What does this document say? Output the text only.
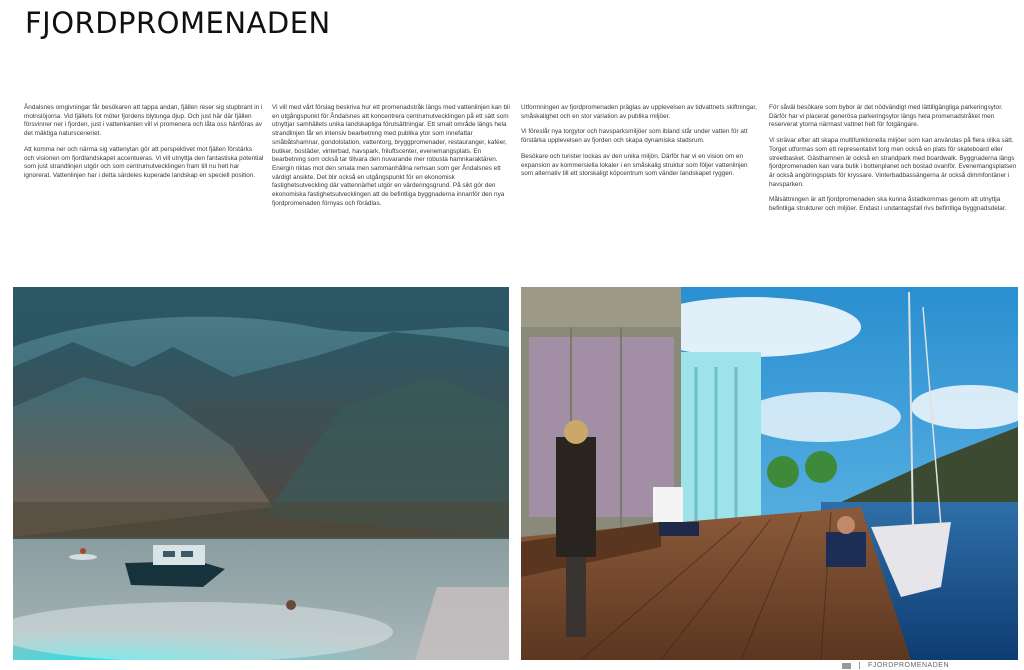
FJORDPROMENADEN

Åndalsnes omgivningar får besökaren att tappa andan, fjällen reser sig stupbrant in i molnslöjorna. Vid fjällets fot möter fjordens blytunga djup. Och just här där fjällen försvinner ner i fjorden, just i vattenkanten vill vi promenera och låta oss hänföras av det mäktiga natursceneriet.

Att komma ner och närma sig vattenytan gör att perspektivet mot fjällen förstärks och visionen om fjordlandskapet accentueras. Vi vill utnyttja den fantastiska potential som just strandlinjen utgör och som centrumutvecklingen fram till nu helt har ignorerat. Vattenlinjen har i detta särdeles kuperade landskap en speciell position.

Vi vill med vårt förslag beskriva hur ett promenadstråk längs med vattenlinjen kan bli en utgångspunkt för Åndalsnes att koncentrera centrumutvecklingen på ett sätt som utnyttjar samhällets unika landskapliga förutsättningar. Ett smalt område längs hela strandlinjen får en intensiv bearbetning med publika ytor som innefattar småbåtshamnar, gondolstation, vattentorg, bryggpromenader, restauranger, kaféer, butiker, bostäder, vinterbad, havspark, friluftscenter, evenemangsplats. En bearbetning som också tar tillvara den nuvarande mer robusta hamnkaraktären. Energin riktas mot den smala men sammanhållna remsan som ger Åndalsnes ett värdigt ansikte. Det blir också en utgångspunkt för en ekonomisk fastighetsutveckling där vattennärhet utgör en värderingsgrund. På sikt gör den ekonomiska fastighetsutvecklingen att de befintliga byggnaderna innanför den nya fjordpromenaden förnyas och förädlas.

Utformningen av fjordpromenaden präglas av upplevelsen av tidvattnets skiftningar, småskalighet och en stor variation av publika miljöer.

Vi föreslår nya torgytor och havsparksmiljöer som ibland står under vatten för att förstärka upplevelsen av fjorden och skapa dynamiska stadsrum.

Besökare och turister lockas av den unika miljön. Därför har vi en vision om en expansion av kommersiella lokaler i en småskalig struktur som följer vattenlinjen som alternativ till ett storskaligt köpcentrum som vänder landskapet ryggen.

För såväl besökare som bybor är det nödvändigt med lättillgängliga parkeringsytor. Därför har vi placerat generösa parkeringsytor längs hela promenadstråket men reserverat ytorna närmast vattnet helt för fotgängare.

Vi strävar efter att skapa multifunktionella miljöer som kan användas på flera olika sätt. Torget utformas som ett representativt torg men också en plats för skateboard eller streetbasket. Gästhamnen är också en strandpark med boardwalk. Byggnaderna längs fjordpromenaden kan vara butik i bottenplanet och bostad ovanför. Evenemangsplatsen är också angöringsplats för kryssare. Vinterbadbassängerna är också dimmfontäner i havsparken.

Målsättningen är att fjordpromenaden ska kunna åstadkommas genom att utnyttja befintliga strukturer och miljöer. Endast i undantagsfall rivs befintliga byggnadsdelar.

FJORDPROMENADEN
